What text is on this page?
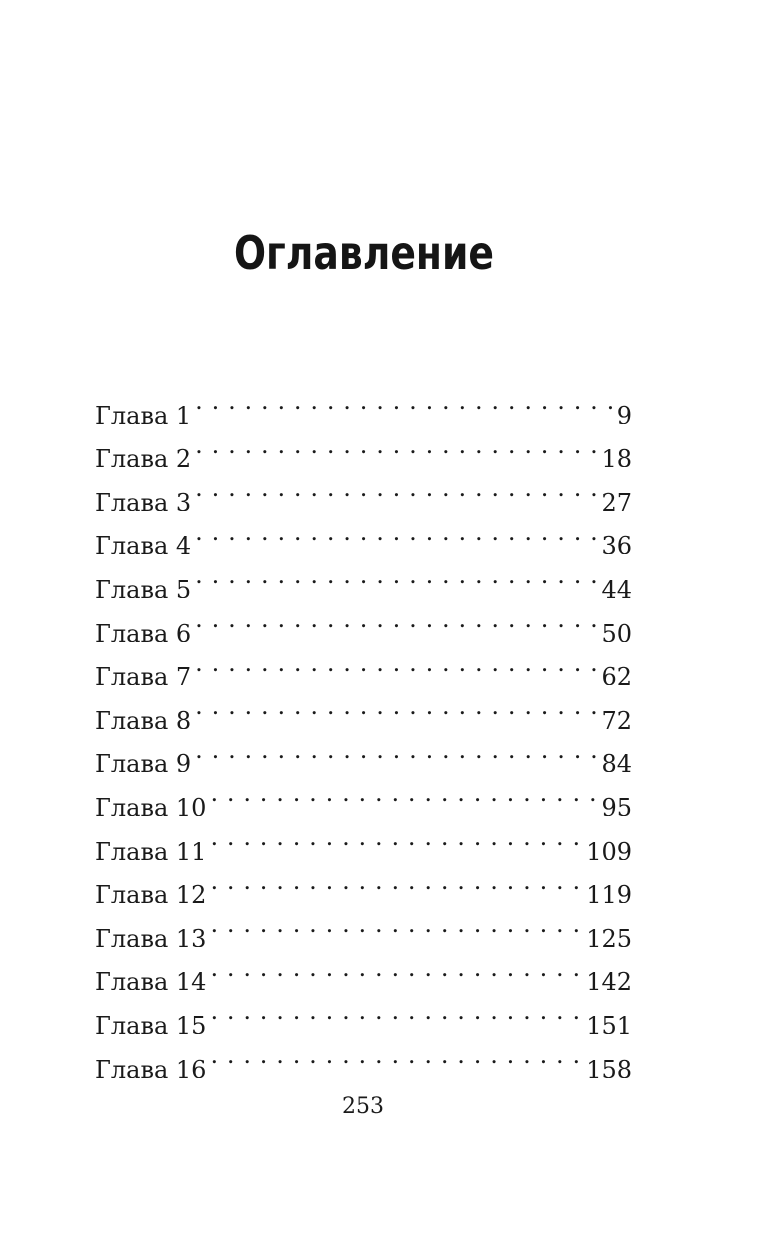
Оглавление
Глава 1 . . .	9
Глава 2 . . .	18
Глава 3 . . .	27
Глава 4 . . .	36
Глава 5 . . .	44
Глава 6 . . .	50
Глава 7 . . .	62
Глава 8 . . .	72
Глава 9 . . .	84
Глава 10 . . .	95
Глава 11 . . .	109
Глава 12 . . .	119
Глава 13 . . .	125
Глава 14 . . .	142
Глава 15 . . .	151
Глава 16 . . .	158
253
